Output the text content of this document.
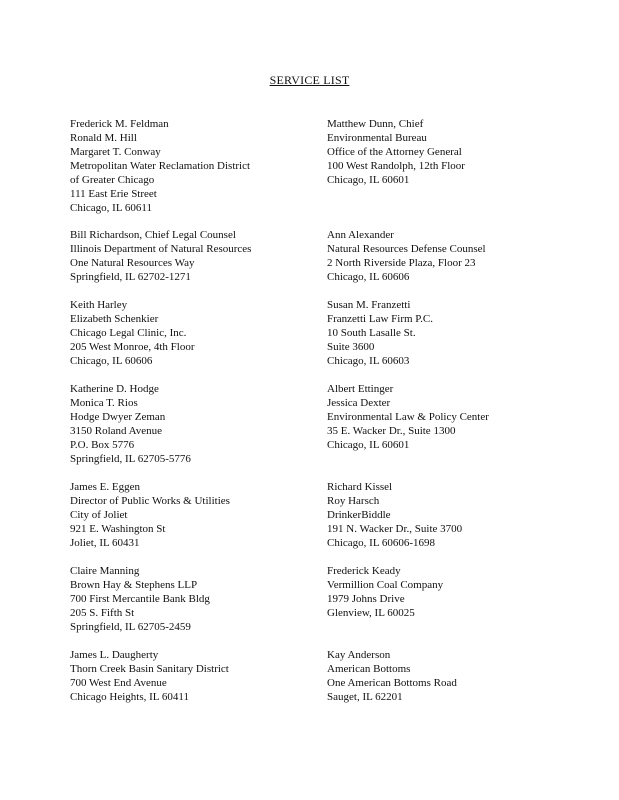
SERVICE LIST
Frederick M. Feldman
Ronald M. Hill
Margaret T. Conway
Metropolitan Water Reclamation District
of Greater Chicago
111 East Erie Street
Chicago, IL 60611
Bill Richardson, Chief Legal Counsel
Illinois Department of Natural Resources
One Natural Resources Way
Springfield, IL 62702-1271
Keith Harley
Elizabeth Schenkier
Chicago Legal Clinic, Inc.
205 West Monroe, 4th Floor
Chicago, IL 60606
Katherine D. Hodge
Monica T. Rios
Hodge Dwyer Zeman
3150 Roland Avenue
P.O. Box 5776
Springfield, IL 62705-5776
James E. Eggen
Director of Public Works & Utilities
City of Joliet
921 E. Washington St
Joliet, IL 60431
Claire Manning
Brown Hay & Stephens LLP
700 First Mercantile Bank Bldg
205 S. Fifth St
Springfield, IL 62705-2459
James L. Daugherty
Thorn Creek Basin Sanitary District
700 West End Avenue
Chicago Heights, IL 60411
Matthew Dunn, Chief
Environmental Bureau
Office of the Attorney General
100 West Randolph, 12th Floor
Chicago, IL 60601
Ann Alexander
Natural Resources Defense Counsel
2 North Riverside Plaza, Floor 23
Chicago, IL 60606
Susan M. Franzetti
Franzetti Law Firm P.C.
10 South Lasalle St.
Suite 3600
Chicago, IL 60603
Albert Ettinger
Jessica Dexter
Environmental Law & Policy Center
35 E. Wacker Dr., Suite 1300
Chicago, IL 60601
Richard Kissel
Roy Harsch
DrinkerBiddle
191 N. Wacker Dr., Suite 3700
Chicago, IL 60606-1698
Frederick Keady
Vermillion Coal Company
1979 Johns Drive
Glenview, IL 60025
Kay Anderson
American Bottoms
One American Bottoms Road
Sauget, IL 62201
